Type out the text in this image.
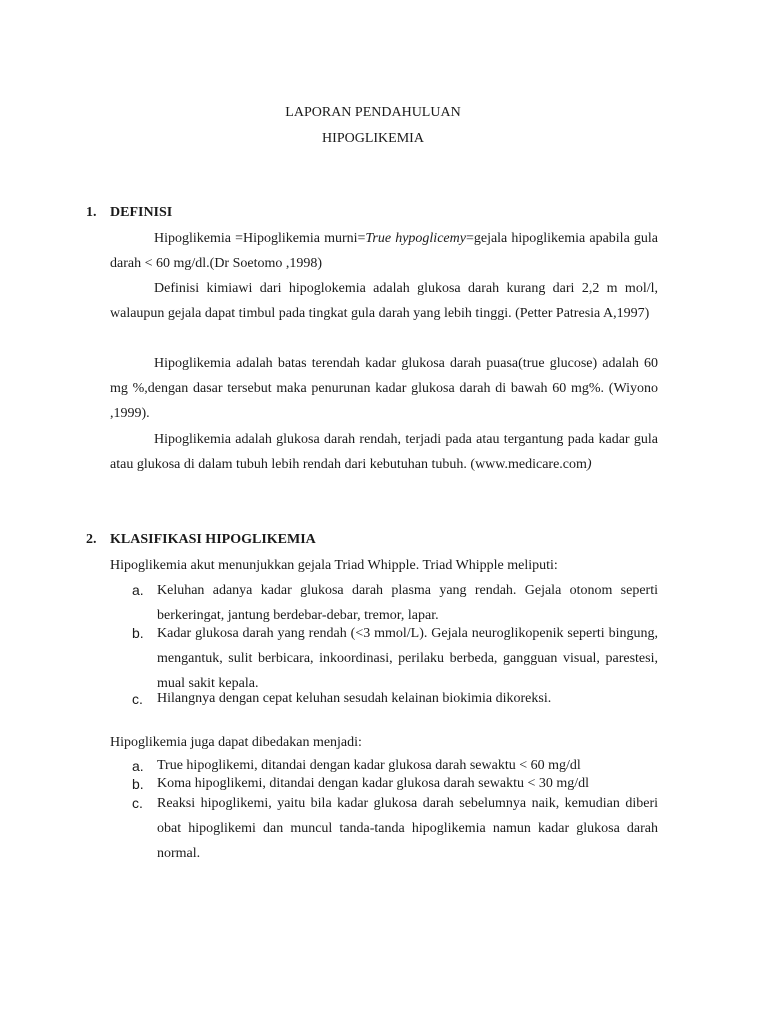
LAPORAN PENDAHULUAN
HIPOGLIKEMIA
1. DEFINISI

Hipoglikemia =Hipoglikemia murni=True hypoglicemy=gejala hipoglikemia apabila gula darah < 60 mg/dl.(Dr Soetomo ,1998)

Definisi kimiawi dari hipoglokemia adalah glukosa darah kurang dari 2,2 m mol/l, walaupun gejala dapat timbul pada tingkat gula darah yang lebih tinggi. (Petter Patresia A,1997)

Hipoglikemia adalah batas terendah kadar glukosa darah puasa(true glucose) adalah 60 mg %,dengan dasar tersebut maka penurunan kadar glukosa darah di bawah 60 mg%. (Wiyono ,1999).

Hipoglikemia adalah glukosa darah rendah, terjadi pada atau tergantung pada kadar gula atau glukosa di dalam tubuh lebih rendah dari kebutuhan tubuh. (www.medicare.com)

2. KLASIFIKASI HIPOGLIKEMIA

Hipoglikemia akut menunjukkan gejala Triad Whipple. Triad Whipple meliputi:

a. Keluhan adanya kadar glukosa darah plasma yang rendah. Gejala otonom seperti berkeringat, jantung berdebar-debar, tremor, lapar.
b. Kadar glukosa darah yang rendah (<3 mmol/L). Gejala neuroglikopenik seperti bingung, mengantuk, sulit berbicara, inkoordinasi, perilaku berbeda, gangguan visual, parestesi, mual sakit kepala.
c. Hilangnya dengan cepat keluhan sesudah kelainan biokimia dikoreksi.

Hipoglikemia juga dapat dibedakan menjadi:

a. True hipoglikemi, ditandai dengan kadar glukosa darah sewaktu < 60 mg/dl
b. Koma hipoglikemi, ditandai dengan kadar glukosa darah sewaktu < 30 mg/dl
c. Reaksi hipoglikemi, yaitu bila kadar glukosa darah sebelumnya naik, kemudian diberi obat hipoglikemi dan muncul tanda-tanda hipoglikemia namun kadar glukosa darah normal.
